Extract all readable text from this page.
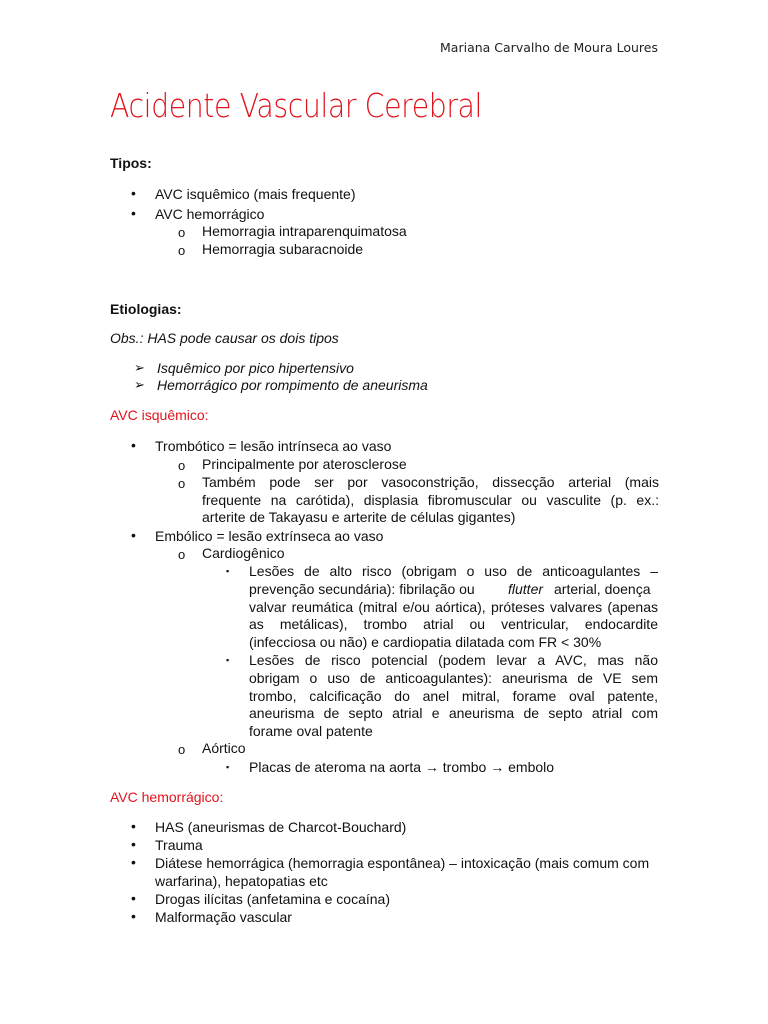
Mariana Carvalho de Moura Loures
Acidente Vascular Cerebral
Tipos:
• AVC isquêmico (mais frequente)
• AVC hemorrágico
o Hemorragia intraparenquimatosa
o Hemorragia subaracnoide
Etiologias:
Obs.: HAS pode causar os dois tipos
➢ Isquêmico por pico hipertensivo
➢ Hemorrágico por rompimento de aneurisma
AVC isquêmico:
• Trombótico = lesão intrínseca ao vaso
o Principalmente por aterosclerose
o Também pode ser por vasoconstrição, dissecção arterial (mais
frequente na carótida), displasia fibromuscular ou vasculite (p. ex.:
arterite de Takayasu e arterite de células gigantes)
• Embólico = lesão extrínseca ao vaso
o Cardiogênico
▪ Lesões de alto risco (obrigam o uso de anticoagulantes –
prevenção secundária): fibrilação ou flutter arterial, doença
valvar reumática (mitral e/ou aórtica), próteses valvares (apenas
as metálicas), trombo atrial ou ventricular, endocardite
(infecciosa ou não) e cardiopatia dilatada com FR < 30%
▪ Lesões de risco potencial (podem levar a AVC, mas não
obrigam o uso de anticoagulantes): aneurisma de VE sem
trombo, calcificação do anel mitral, forame oval patente,
aneurisma de septo atrial e aneurisma de septo atrial com
forame oval patente
o Aórtico
▪ Placas de ateroma na aorta → trombo → embolo
AVC hemorrágico:
• HAS (aneurismas de Charcot-Bouchard)
• Trauma
• Diátese hemorrágica (hemorragia espontânea) – intoxicação (mais comum com
warfarina), hepatopatias etc
• Drogas ilícitas (anfetamina e cocaína)
• Malformação vascular
